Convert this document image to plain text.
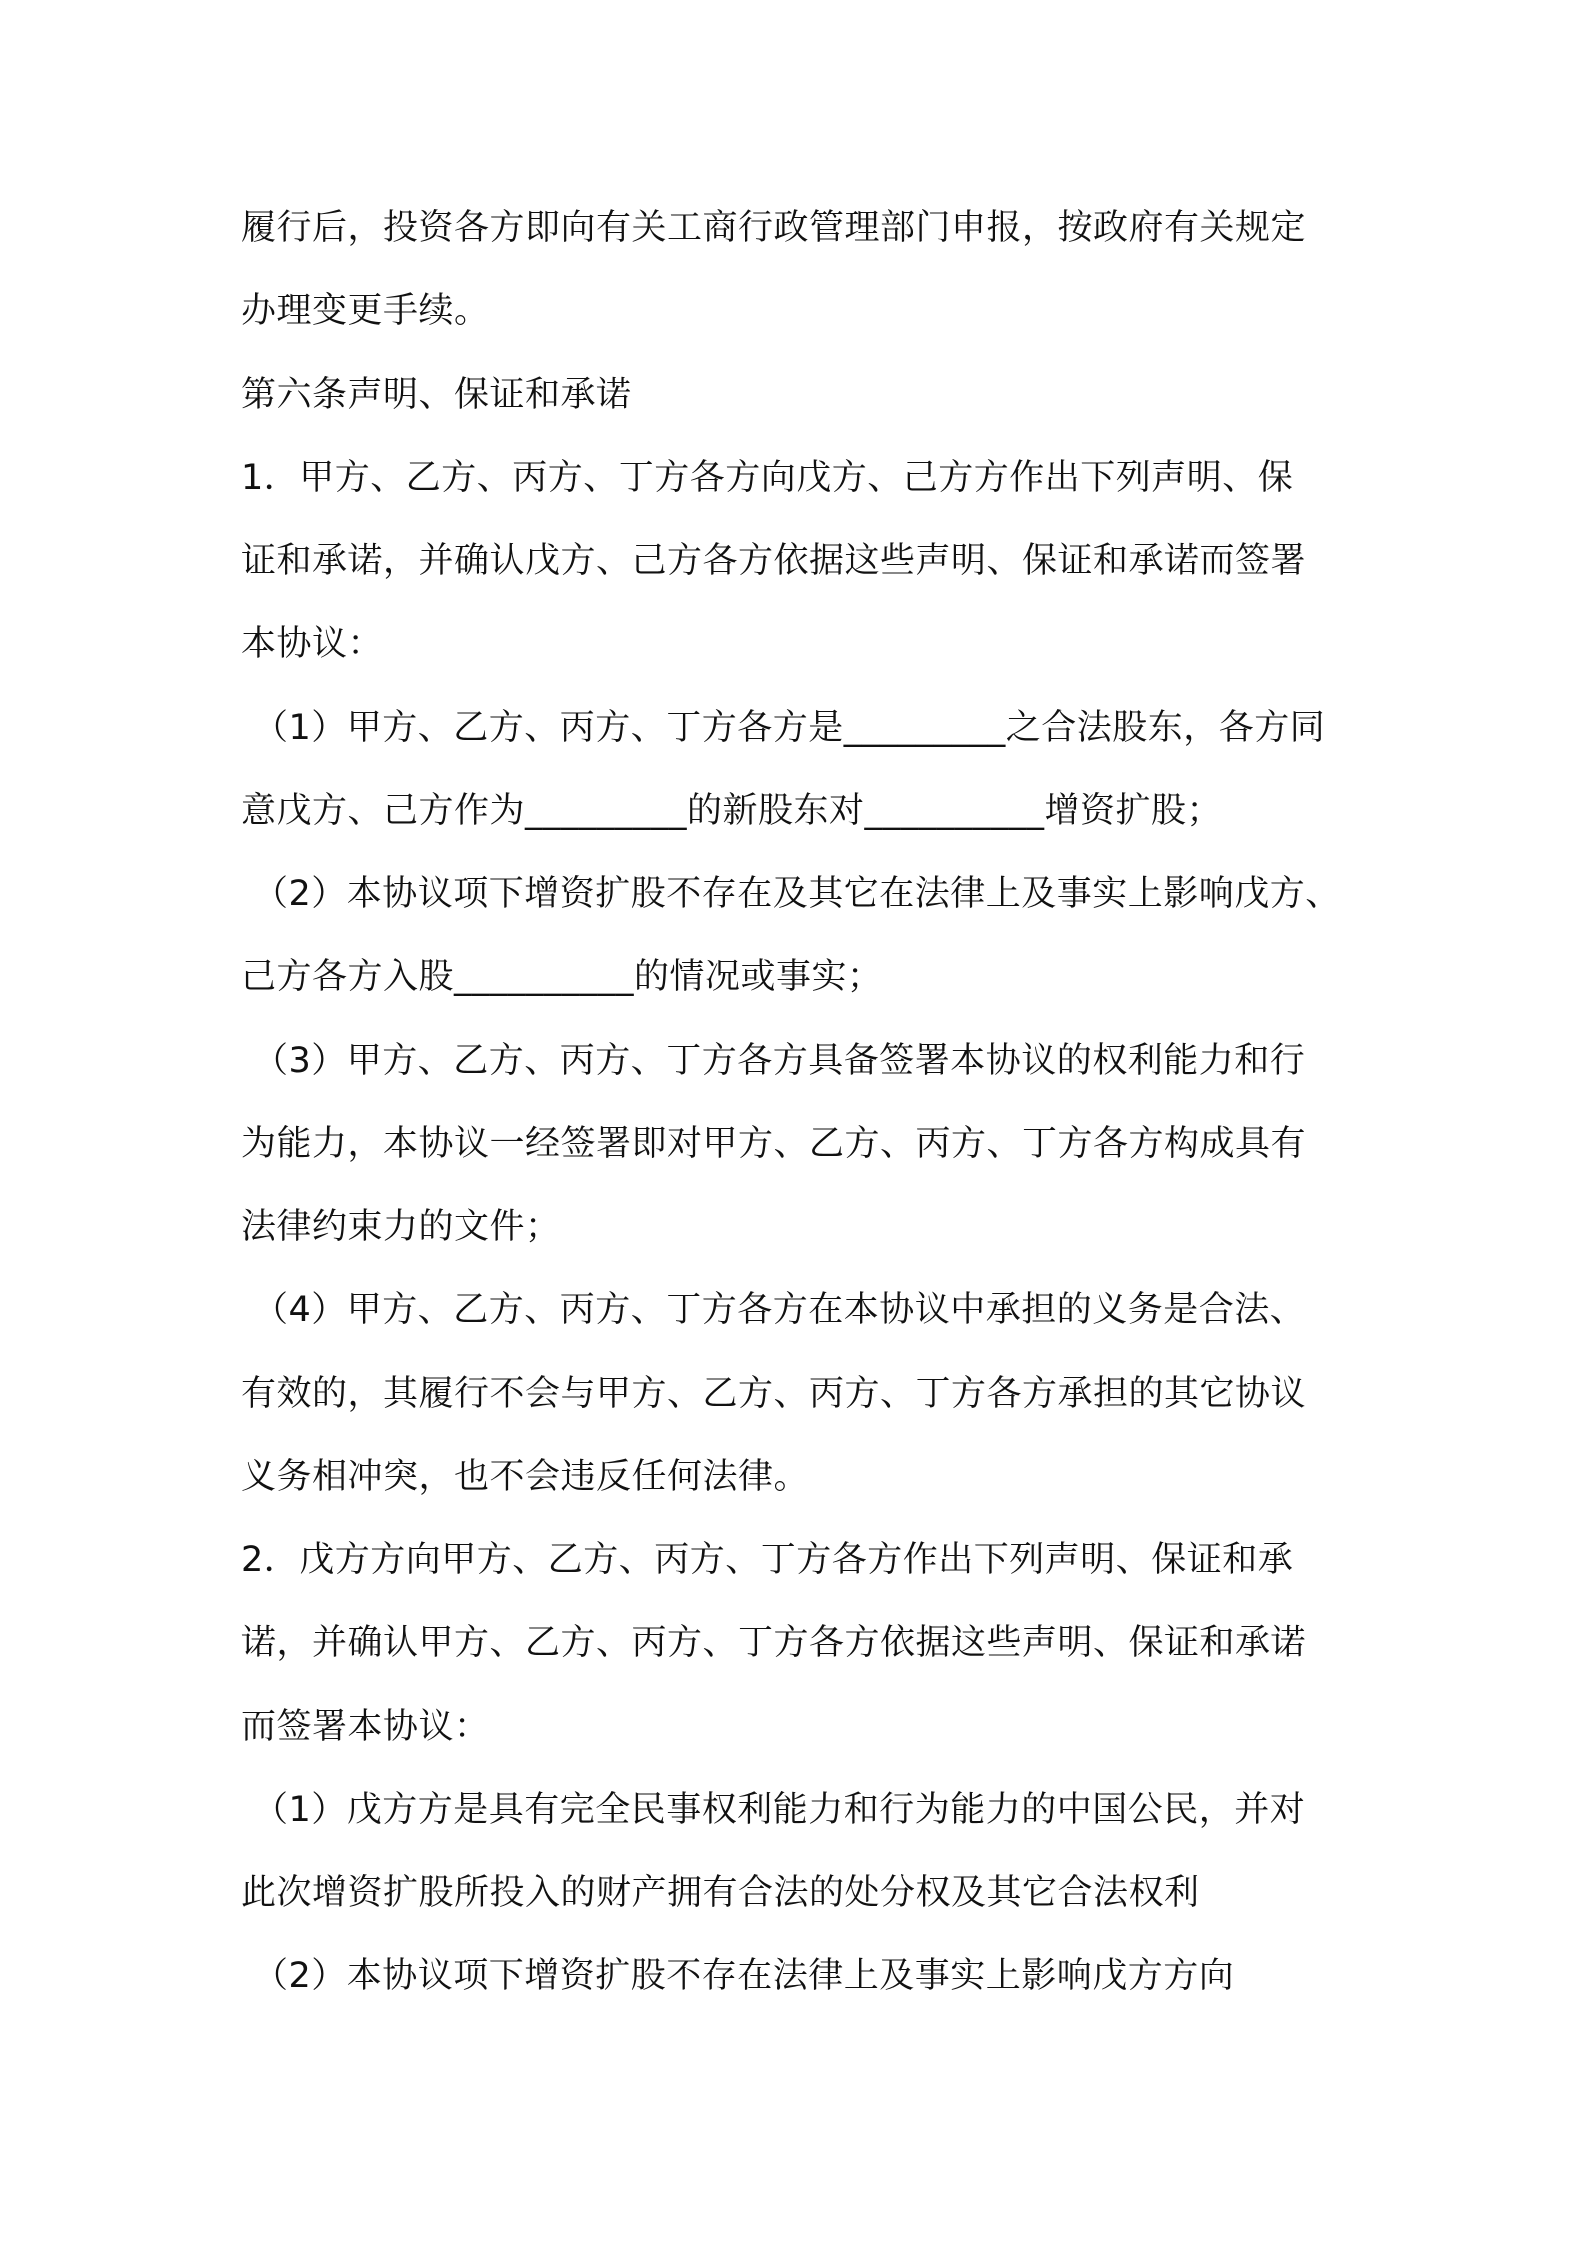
履行后，投资各方即向有关工商行政管理部门申报，按政府有关规定
办理变更手续。
第六条声明、保证和承诺
1．甲方、乙方、丙方、丁方各方向戊方、己方方作出下列声明、保
证和承诺，并确认戊方、己方各方依据这些声明、保证和承诺而签署
本协议：
（1）甲方、乙方、丙方、丁方各方是_________之合法股东，各方同
意戊方、己方作为_________的新股东对__________增资扩股；
（2）本协议项下增资扩股不存在及其它在法律上及事实上影响戊方、
己方各方入股__________的情况或事实；
（3）甲方、乙方、丙方、丁方各方具备签署本协议的权利能力和行
为能力，本协议一经签署即对甲方、乙方、丙方、丁方各方构成具有
法律约束力的文件；
（4）甲方、乙方、丙方、丁方各方在本协议中承担的义务是合法、
有效的，其履行不会与甲方、乙方、丙方、丁方各方承担的其它协议
义务相冲突，也不会违反任何法律。
2．戊方方向甲方、乙方、丙方、丁方各方作出下列声明、保证和承
诺，并确认甲方、乙方、丙方、丁方各方依据这些声明、保证和承诺
而签署本协议：
（1）戊方方是具有完全民事权利能力和行为能力的中国公民，并对
此次增资扩股所投入的财产拥有合法的处分权及其它合法权利
（2）本协议项下增资扩股不存在法律上及事实上影响戊方方向
